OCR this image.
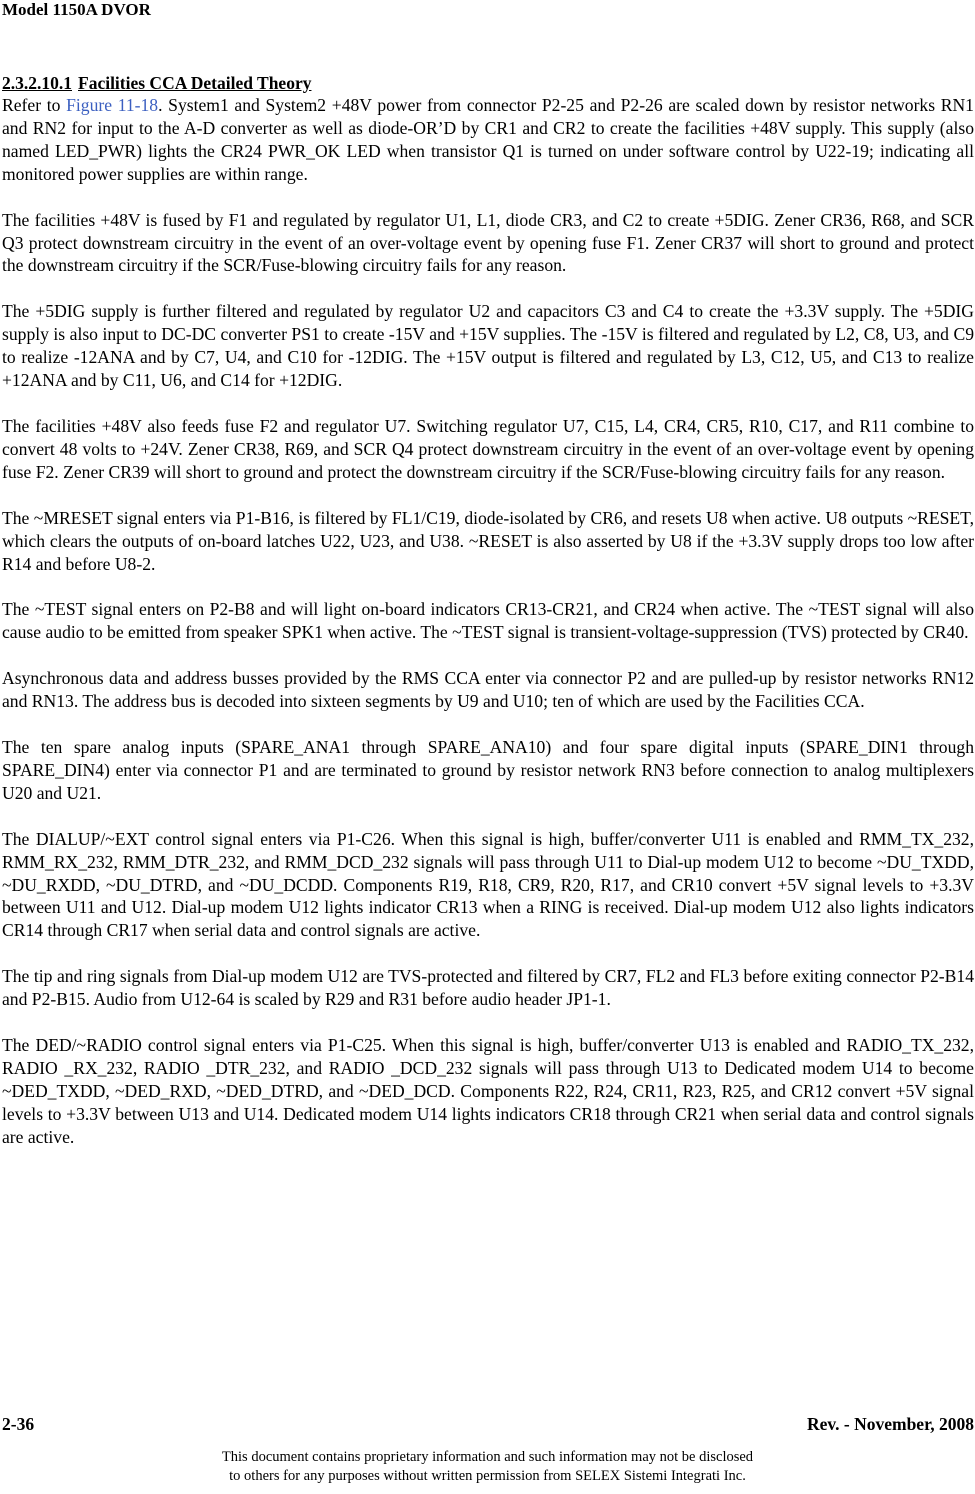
Model 1150A DVOR
2.3.2.10.1 Facilities CCA Detailed Theory

Refer to Figure 11-18. System1 and System2 +48V power from connector P2-25 and P2-26 are scaled down by resistor networks RN1 and RN2 for input to the A-D converter as well as diode-OR’D by CR1 and CR2 to create the facilities +48V supply. This supply (also named LED_PWR) lights the CR24 PWR_OK LED when transistor Q1 is turned on under software control by U22-19; indicating all monitored power supplies are within range.

The facilities +48V is fused by F1 and regulated by regulator U1, L1, diode CR3, and C2 to create +5DIG. Zener CR36, R68, and SCR Q3 protect downstream circuitry in the event of an over-voltage event by opening fuse F1. Zener CR37 will short to ground and protect the downstream circuitry if the SCR/Fuse-blowing circuitry fails for any reason.

The +5DIG supply is further filtered and regulated by regulator U2 and capacitors C3 and C4 to create the +3.3V supply. The +5DIG supply is also input to DC-DC converter PS1 to create -15V and +15V supplies. The -15V is filtered and regulated by L2, C8, U3, and C9 to realize -12ANA and by C7, U4, and C10 for -12DIG. The +15V output is filtered and regulated by L3, C12, U5, and C13 to realize +12ANA and by C11, U6, and C14 for +12DIG.

The facilities +48V also feeds fuse F2 and regulator U7. Switching regulator U7, C15, L4, CR4, CR5, R10, C17, and R11 combine to convert 48 volts to +24V. Zener CR38, R69, and SCR Q4 protect downstream circuitry in the event of an over-voltage event by opening fuse F2. Zener CR39 will short to ground and protect the downstream circuitry if the SCR/Fuse-blowing circuitry fails for any reason.

The ~MRESET signal enters via P1-B16, is filtered by FL1/C19, diode-isolated by CR6, and resets U8 when active. U8 outputs ~RESET, which clears the outputs of on-board latches U22, U23, and U38. ~RESET is also asserted by U8 if the +3.3V supply drops too low after R14 and before U8-2.

The ~TEST signal enters on P2-B8 and will light on-board indicators CR13-CR21, and CR24 when active. The ~TEST signal will also cause audio to be emitted from speaker SPK1 when active. The ~TEST signal is transient-voltage-suppression (TVS) protected by CR40.

Asynchronous data and address busses provided by the RMS CCA enter via connector P2 and are pulled-up by resistor networks RN12 and RN13. The address bus is decoded into sixteen segments by U9 and U10; ten of which are used by the Facilities CCA.

The ten spare analog inputs (SPARE_ANA1 through SPARE_ANA10) and four spare digital inputs (SPARE_DIN1 through SPARE_DIN4) enter via connector P1 and are terminated to ground by resistor network RN3 before connection to analog multiplexers U20 and U21.

The DIALUP/~EXT control signal enters via P1-C26. When this signal is high, buffer/converter U11 is enabled and RMM_TX_232, RMM_RX_232, RMM_DTR_232, and RMM_DCD_232 signals will pass through U11 to Dial-up modem U12 to become ~DU_TXDD, ~DU_RXDD, ~DU_DTRD, and ~DU_DCDD. Components R19, R18, CR9, R20, R17, and CR10 convert +5V signal levels to +3.3V between U11 and U12. Dial-up modem U12 lights indicator CR13 when a RING is received. Dial-up modem U12 also lights indicators CR14 through CR17 when serial data and control signals are active.

The tip and ring signals from Dial-up modem U12 are TVS-protected and filtered by CR7, FL2 and FL3 before exiting connector P2-B14 and P2-B15. Audio from U12-64 is scaled by R29 and R31 before audio header JP1-1.

The DED/~RADIO control signal enters via P1-C25. When this signal is high, buffer/converter U13 is enabled and RADIO_TX_232, RADIO _RX_232, RADIO _DTR_232, and RADIO _DCD_232 signals will pass through U13 to Dedicated modem U14 to become ~DED_TXDD, ~DED_RXD, ~DED_DTRD, and ~DED_DCD. Components R22, R24, CR11, R23, R25, and CR12 convert +5V signal levels to +3.3V between U13 and U14. Dedicated modem U14 lights indicators CR18 through CR21 when serial data and control signals are active.

2-36	Rev. - November, 2008
This document contains proprietary information and such information may not be disclosed
to others for any purposes without written permission from SELEX Sistemi Integrati Inc.
